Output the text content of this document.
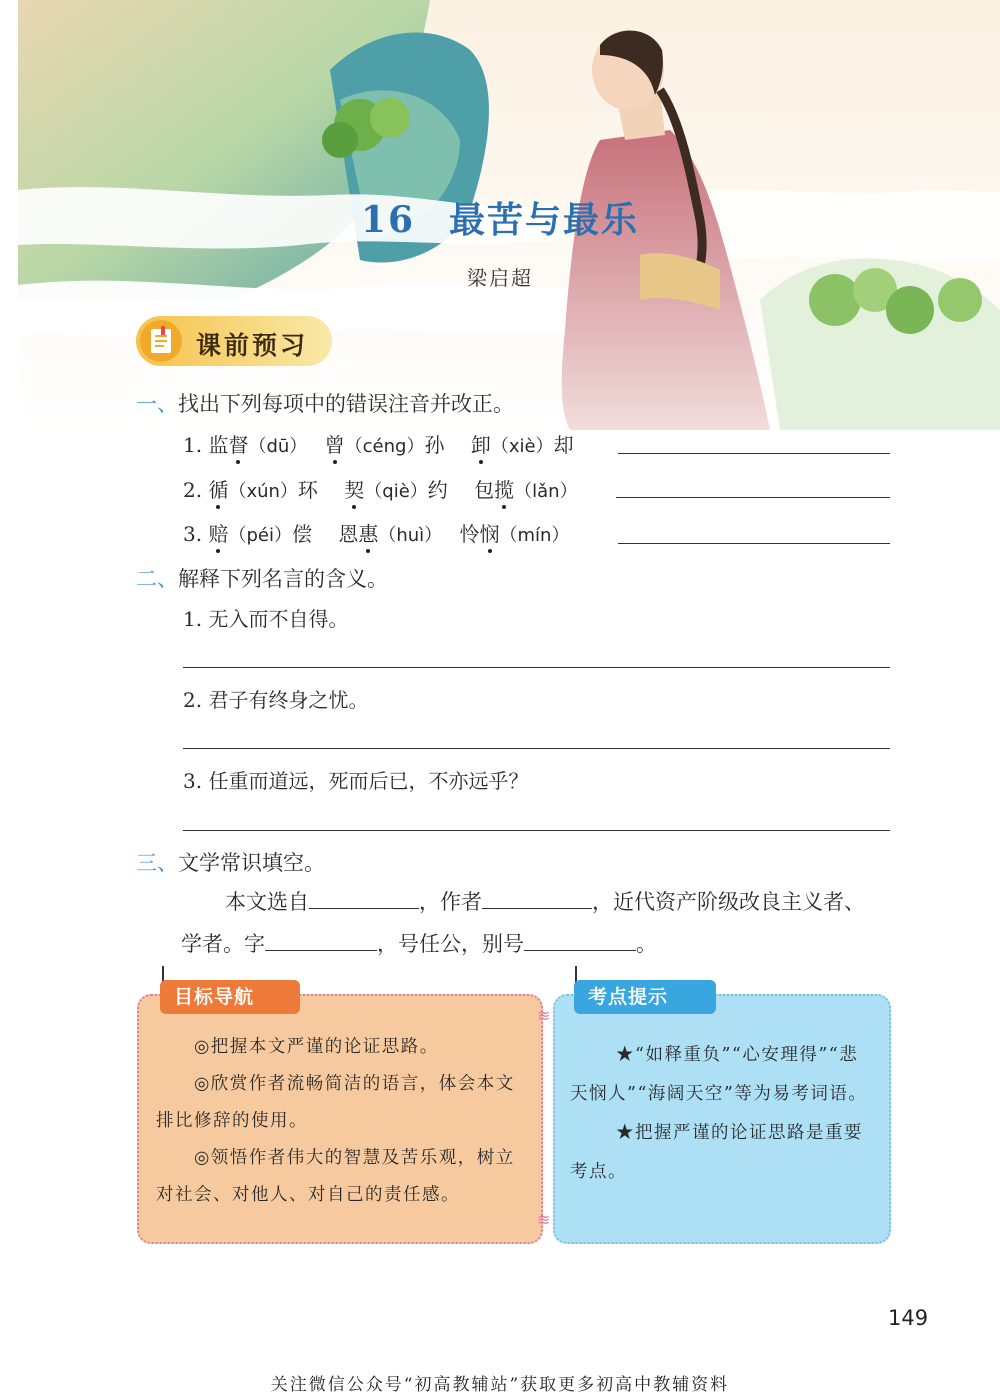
16 最苦与最乐
梁启超
课前预习
一、找出下列每项中的错误注音并改正。
1. 监督（dū）　 曾（céng）孙　 卸（xiè）却
2. 循（xún）环　 契（qiè）约　 包揽（lǎn）
3. 赔（péi）偿　 恩惠（huì）　 怜悯（mín）
二、解释下列名言的含义。
1. 无入而不自得。
2. 君子有终身之忧。
3. 任重而道远，死而后已，不亦远乎？
三、文学常识填空。
本文选自	，作者	，近代资产阶级改良主义者、
学者。字	，号任公，别号	。
目标导航
◎把握本文严谨的论证思路。
◎欣赏作者流畅简洁的语言，体会本文排比修辞的使用。
◎领悟作者伟大的智慧及苦乐观，树立对社会、对他人、对自己的责任感。
≋
≋
考点提示
★“如释重负”“心安理得”“悲天悯人”“海阔天空”等为易考词语。
★把握严谨的论证思路是重要考点。
149
关注微信公众号“初高教辅站”获取更多初高中教辅资料
